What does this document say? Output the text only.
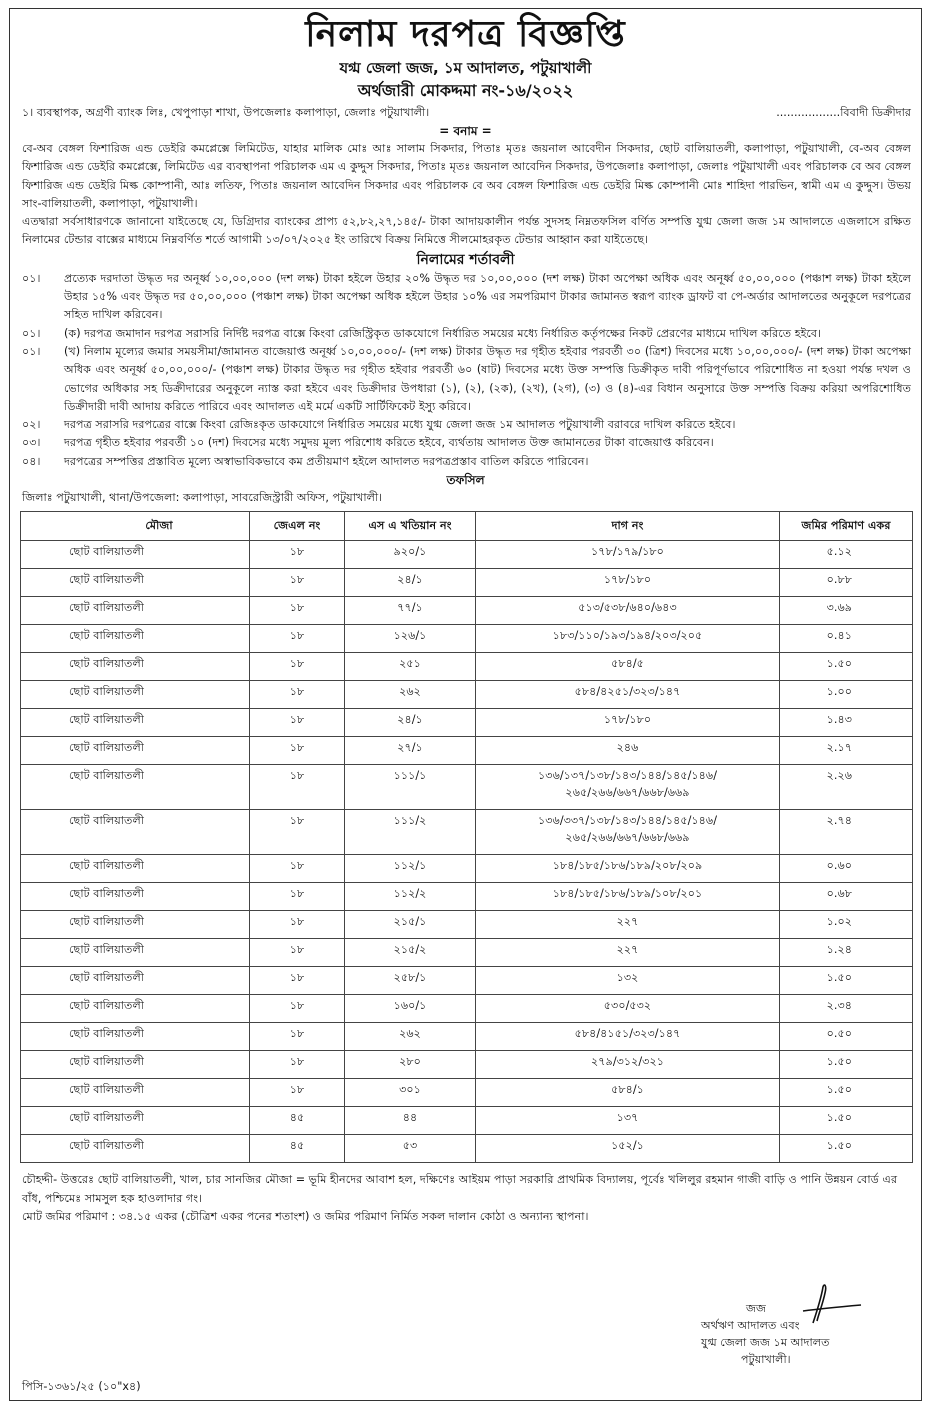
নিলাম দরপত্র বিজ্ঞপ্তি
যগ্ম জেলা জজ, ১ম আদালত, পটুয়াখালী
অর্থজারী মোকদ্দমা নং-১৬/২০২২
১। ব্যবস্থাপক, অগ্রণী ব্যাংক লিঃ, খেপুপাড়া শাখা, উপজেলাঃ কলাপাড়া, জেলাঃ পটুয়াখালী।	..................বিবাদী ডিক্রীদার
= বনাম =
বে-অব বেঙ্গল ফিশারিজ এন্ড ডেইরি কমপ্লেক্সে লিমিটেড, যাহার মালিক মোঃ আঃ সালাম সিকদার, পিতাঃ মৃতঃ জয়নাল আবেদীন সিকদার, ছোট বালিয়াতলী, কলাপাড়া, পটুয়াখালী, বে-অব বেঙ্গল ফিশারিজ এন্ড ডেইরি কমপ্লেক্সে, লিমিটেড এর ব্যবস্থাপনা পরিচালক এম এ কুদ্দুস সিকদার, পিতাঃ মৃতঃ জয়নাল আবেদিন সিকদার, উপজেলাঃ কলাপাড়া, জেলাঃ পটুয়াখালী এবং পরিচালক বে অব বেঙ্গল ফিশারিজ এন্ড ডেইরি মিল্ক কোম্পানী, আঃ লতিফ, পিতাঃ জয়নাল আবেদিন সিকদার এবং পরিচালক বে অব বেঙ্গল ফিশারিজ এন্ড ডেইরি মিল্ক কোম্পানী মোঃ শাহিদা পারভিন, স্বামী এম এ কুদ্দুস। উভয় সাং-বালিয়াতলী, কলাপাড়া, পটুয়াখালী।
এতদ্বারা সর্বসাধারণকে জানানো যাইতেছে যে, ডিগ্রিদার ব্যাংকের প্রাপ্য ৫২,৮২,২৭,১৪৫/- টাকা আদায়কালীন পর্যন্ত সুদসহ নিম্নতফসিল বর্ণিত সম্পত্তি যুগ্ম জেলা জজ ১ম আদালতে এজলাসে রক্ষিত নিলামের টেন্ডার বাক্সের মাধ্যমে নিম্নবর্ণিত শর্তে আগামী ১৩/০৭/২০২৫ ইং তারিখে বিক্রয় নিমিত্তে সীলমোহরকৃত টেন্ডার আহ্বান করা যাইতেছে।
নিলামের শর্তাবলী
০১।	প্রত্যেক দরদাতা উদ্ধৃত দর অনূর্ধ্ব ১০,০০,০০০ (দশ লক্ষ) টাকা হইলে উহার ২০% উদ্ধৃত দর ১০,০০,০০০ (দশ লক্ষ) টাকা অপেক্ষা অধিক এবং অনূর্ধ্ব ৫০,০০,০০০ (পঞ্চাশ লক্ষ) টাকা হইলে উহার ১৫% এবং উদ্ধৃত দর ৫০,০০,০০০ (পঞ্চাশ লক্ষ) টাকা অপেক্ষা অধিক হইলে উহার ১০% এর সমপরিমাণ টাকার জামানত স্বরূপ ব্যাংক ড্রাফট বা পে-অর্ডার আদালতের অনুকূলে দরপত্রের সহিত দাখিল করিবেন।
০১।	(ক) দরপত্র জমাদান দরপত্র সরাসরি নির্দিষ্ট দরপত্র বাক্সে কিংবা রেজিস্ট্রিকৃত ডাকযোগে নির্ধারিত সময়ের মধ্যে নির্ধারিত কর্তৃপক্ষের নিকট প্রেরণের মাধ্যমে দাখিল করিতে হইবে।
০১।	(খ) নিলাম মূল্যের জমার সময়সীমা/জামানত বাজেয়াপ্ত অনূর্ধ্ব ১০,০০,০০০/- (দশ লক্ষ) টাকার উদ্ধৃত দর গৃহীত হইবার পরবর্তী ৩০ (ত্রিশ) দিবসের মধ্যে ১০,০০,০০০/- (দশ লক্ষ) টাকা অপেক্ষা অধিক এবং অনূর্ধ্ব ৫০,০০,০০০/- (পঞ্চাশ লক্ষ) টাকার উদ্ধৃত দর গৃহীত হইবার পরবর্তী ৬০ (ষাট) দিবসের মধ্যে উক্ত সম্পত্তি ডিক্রীকৃত দাবী পরিপূর্ণভাবে পরিশোধিত না হওয়া পর্যন্ত দখল ও ভোগের অধিকার সহ ডিক্রীদারের অনুকূলে ন্যাস্ত করা হইবে এবং ডিক্রীদার উপধারা (১), (২), (২ক), (২খ), (২গ), (৩) ও (৪)-এর বিধান অনুসারে উক্ত সম্পত্তি বিক্রয় করিয়া অপরিশোধিত ডিক্রীদারী দাবী আদায় করিতে পারিবে এবং আদালত এই মর্মে একটি সার্টিফিকেট ইস্যু করিবে।
০২।	দরপত্র সরাসরি দরপত্রের বাক্সে কিংবা রেজিঃকৃত ডাকযোগে নির্ধারিত সময়ের মধ্যে যুগ্ম জেলা জজ ১ম আদালত পটুয়াখালী বরাবরে দাখিল করিতে হইবে।
০৩।	দরপত্র গৃহীত হইবার পরবর্তী ১০ (দশ) দিবসের মধ্যে সমুদয় মূল্য পরিশোধ করিতে হইবে, ব্যর্থতায় আদালত উক্ত জামানতের টাকা বাজেয়াপ্ত করিবেন।
০৪।	দরপত্রের সম্পত্তির প্রস্তাবিত মূল্যে অস্বাভাবিকভাবে কম প্রতীয়মাণ হইলে আদালত দরপত্রপ্রস্তাব বাতিল করিতে পারিবেন।
তফসিল
জিলাঃ পটুয়াখালী, থানা/উপজেলা: কলাপাড়া, সাবরেজিস্ট্রারী অফিস, পটুয়াখালী।
মৌজা	জেএল নং	এস এ খতিয়ান নং	দাগ নং	জমির পরিমাণ একর
ছোট বালিয়াতলী	১৮	৯২০/১	১৭৮/১৭৯/১৮০	৫.১২
ছোট বালিয়াতলী	১৮	২৪/১	১৭৮/১৮০	০.৮৮
ছোট বালিয়াতলী	১৮	৭৭/১	৫১৩/৫৩৮/৬৪০/৬৪৩	৩.৬৯
ছোট বালিয়াতলী	১৮	১২৬/১	১৮৩/১১০/১৯৩/১৯৪/২০৩/২০৫	০.৪১
ছোট বালিয়াতলী	১৮	২৫১	৫৮৪/৫	১.৫০
ছোট বালিয়াতলী	১৮	২৬২	৫৮৪/৪২৫১/৩২৩/১৪৭	১.০০
ছোট বালিয়াতলী	১৮	২৪/১	১৭৮/১৮০	১.৪৩
ছোট বালিয়াতলী	১৮	২৭/১	২৪৬	২.১৭
ছোট বালিয়াতলী	১৮	১১১/১	১৩৬/১৩৭/১৩৮/১৪৩/১৪৪/১৪৫/১৪৬/
২৬৫/২৬৬/৬৬৭/৬৬৮/৬৬৯	২.২৬
ছোট বালিয়াতলী	১৮	১১১/২	১৩৬/৩৩৭/১৩৮/১৪৩/১৪৪/১৪৫/১৪৬/
২৬৫/২৬৬/৬৬৭/৬৬৮/৬৬৯	২.৭৪
ছোট বালিয়াতলী	১৮	১১২/১	১৮৪/১৮৫/১৮৬/১৮৯/২০৮/২০৯	০.৬০
ছোট বালিয়াতলী	১৮	১১২/২	১৮৪/১৮৫/১৮৬/১৮৯/১০৮/২০১	০.৬৮
ছোট বালিয়াতলী	১৮	২১৫/১	২২৭	১.০২
ছোট বালিয়াতলী	১৮	২১৫/২	২২৭	১.২৪
ছোট বালিয়াতলী	১৮	২৫৮/১	১৩২	১.৫০
ছোট বালিয়াতলী	১৮	১৬০/১	৫৩০/৫৩২	২.৩৪
ছোট বালিয়াতলী	১৮	২৬২	৫৮৪/৪১৫১/৩২৩/১৪৭	০.৫০
ছোট বালিয়াতলী	১৮	২৮০	২৭৯/৩১২/৩২১	১.৫০
ছোট বালিয়াতলী	১৮	৩০১	৫৮৪/১	১.৫০
ছোট বালিয়াতলী	৪৫	৪৪	১৩৭	১.৫০
ছোট বালিয়াতলী	৪৫	৫৩	১৫২/১	১.৫০
চৌহদ্দী- উত্তরেঃ ছোট বালিয়াতলী, খাল, চার সানজির মৌজা = ভূমি হীনদের আবাশ হল, দক্ষিণেঃ আইয়ম পাড়া সরকারি প্রাথমিক বিদ্যালয়, পূর্বেঃ খলিলুর রহমান গাজী বাড়ি ও পানি উন্নয়ন বোর্ড এর বাঁধ, পশ্চিমেঃ সামসুল হক হাওলাদার গং।
মোট জমির পরিমাণ : ৩৪.১৫ একর (চৌত্রিশ একর পনের শতাংশ) ও জমির পরিমাণ নির্মিত সকল দালান কোঠা ও অন্যান্য স্থাপনা।
জজ
অর্থঋণ আদালত এবং
যুগ্ম জেলা জজ ১ম আদালত
পটুয়াখালী।
পিসি-১৩৬১/২৫ (১০"x৪)
